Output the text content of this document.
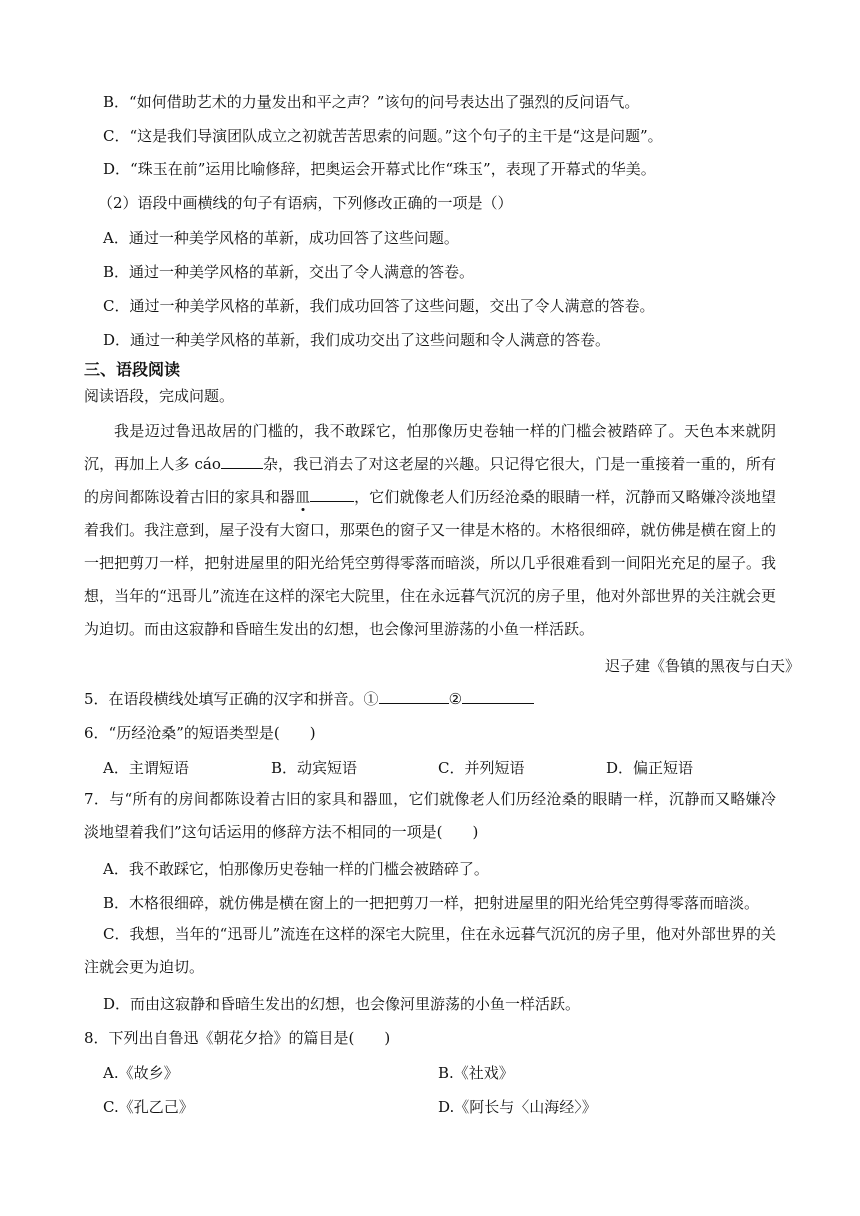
B．“如何借助艺术的力量发出和平之声？”该句的问号表达出了强烈的反问语气。
C．“这是我们导演团队成立之初就苦苦思索的问题。”这个句子的主干是“这是问题”。
D．“珠玉在前”运用比喻修辞，把奥运会开幕式比作“珠玉”，表现了开幕式的华美。
（2）语段中画横线的句子有语病，下列修改正确的一项是（）
A．通过一种美学风格的革新，成功回答了这些问题。
B．通过一种美学风格的革新，交出了令人满意的答卷。
C．通过一种美学风格的革新，我们成功回答了这些问题，交出了令人满意的答卷。
D．通过一种美学风格的革新，我们成功交出了这些问题和令人满意的答卷。
三、语段阅读
阅读语段，完成问题。
我是迈过鲁迅故居的门槛的，我不敢踩它，怕那像历史卷轴一样的门槛会被踏碎了。天色本来就阴沉，再加上人多 cáo	杂，我已消去了对这老屋的兴趣。只记得它很大，门是一重接着一重的，所有的房间都陈设着古旧的家具和器皿	，它们就像老人们历经沧桑的眼睛一样，沉静而又略嫌冷淡地望着我们。我注意到，屋子没有大窗口，那栗色的窗子又一律是木格的。木格很细碎，就仿佛是横在窗上的一把把剪刀一样，把射进屋里的阳光给凭空剪得零落而暗淡，所以几乎很难看到一间阳光充足的屋子。我想，当年的“迅哥儿”流连在这样的深宅大院里，住在永远暮气沉沉的房子里，他对外部世界的关注就会更为迫切。而由这寂静和昏暗生发出的幻想，也会像河里游荡的小鱼一样活跃。
迟子建《鲁镇的黑夜与白天》
5．在语段横线处填写正确的汉字和拼音。①	②
6．“历经沧桑”的短语类型是(　　)
A．主谓短语	B．动宾短语	C．并列短语	D．偏正短语
7．与“所有的房间都陈设着古旧的家具和器皿，它们就像老人们历经沧桑的眼睛一样，沉静而又略嫌冷淡地望着我们”这句话运用的修辞方法不相同的一项是(　　)
A．我不敢踩它，怕那像历史卷轴一样的门槛会被踏碎了。
B．木格很细碎，就仿佛是横在窗上的一把把剪刀一样，把射进屋里的阳光给凭空剪得零落而暗淡。
C．我想，当年的“迅哥儿”流连在这样的深宅大院里，住在永远暮气沉沉的房子里，他对外部世界的关注就会更为迫切。
D．而由这寂静和昏暗生发出的幻想，也会像河里游荡的小鱼一样活跃。
8．下列出自鲁迅《朝花夕拾》的篇目是(　　)
A.《故乡》	B.《社戏》
C.《孔乙己》	D.《阿长与〈山海经〉》
